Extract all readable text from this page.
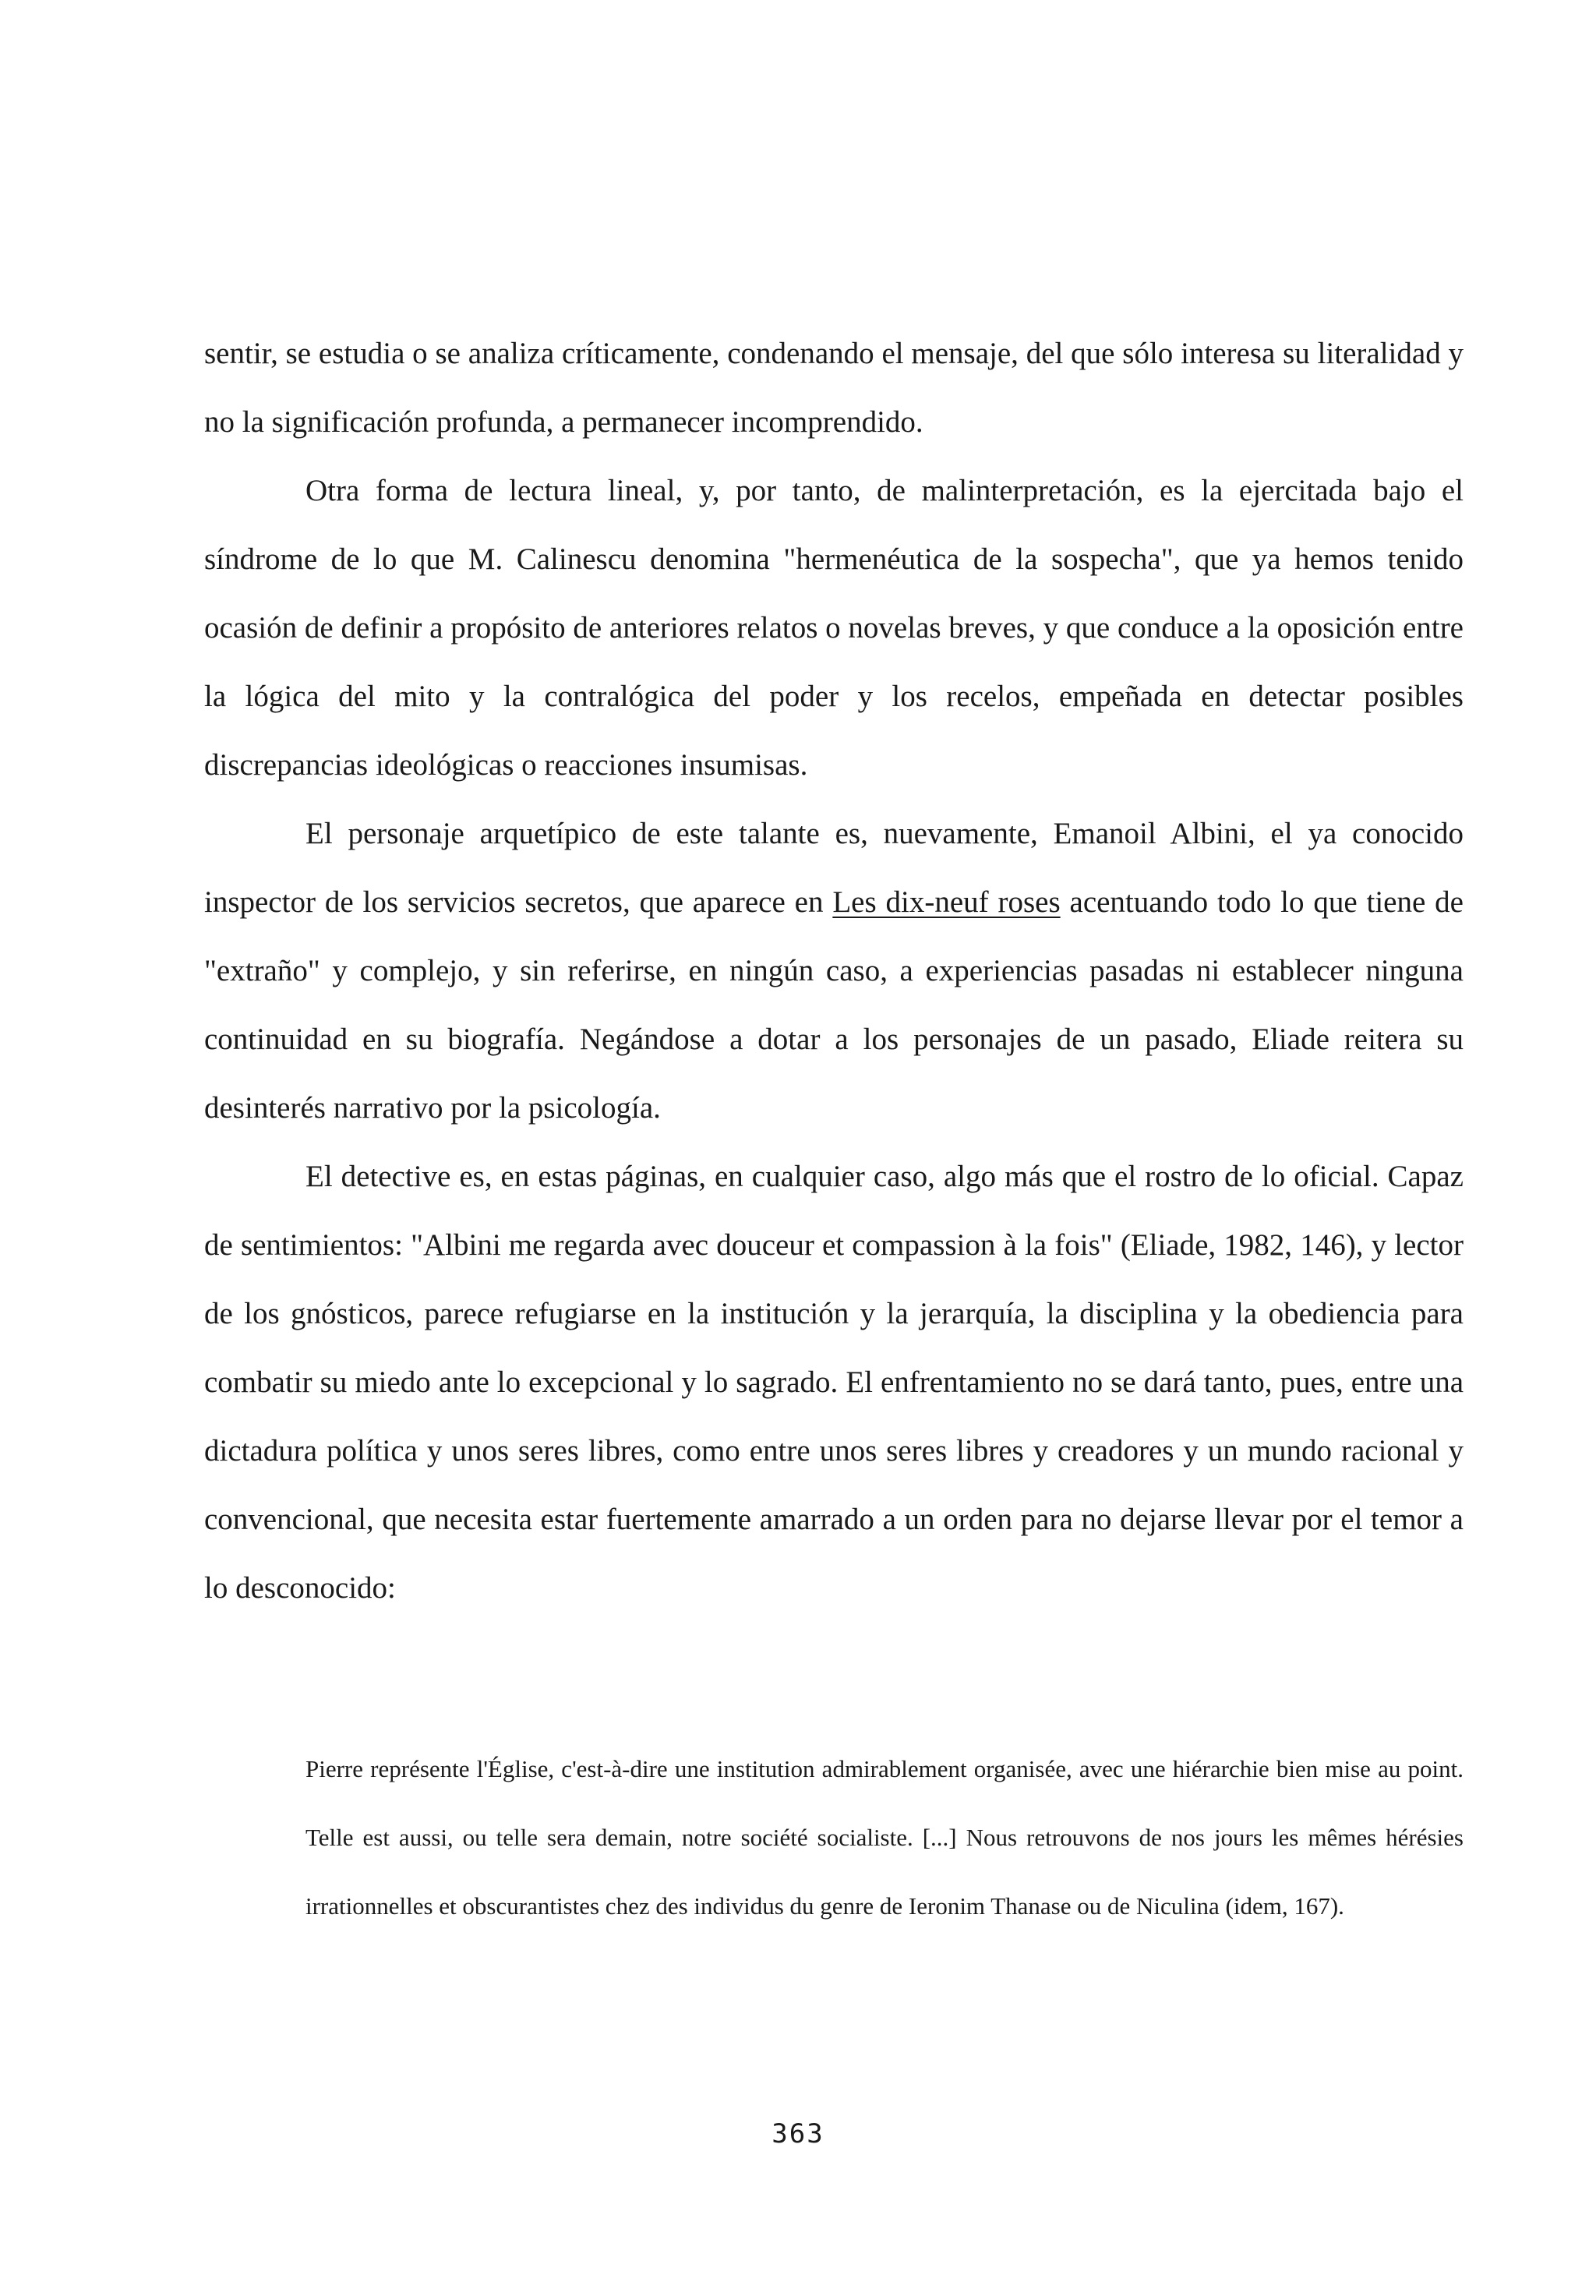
sentir, se estudia o se analiza críticamente, condenando el mensaje, del que sólo interesa su literalidad y no la significación profunda, a permanecer incomprendido.

Otra forma de lectura lineal, y, por tanto, de malinterpretación, es la ejercitada bajo el síndrome de lo que M. Calinescu denomina "hermenéutica de la sospecha", que ya hemos tenido ocasión de definir a propósito de anteriores relatos o novelas breves, y que conduce a la oposición entre la lógica del mito y la contralógica del poder y los recelos, empeñada en detectar posibles discrepancias ideológicas o reacciones insumisas.

El personaje arquetípico de este talante es, nuevamente, Emanoil Albini, el ya conocido inspector de los servicios secretos, que aparece en Les dix-neuf roses acentuando todo lo que tiene de "extraño" y complejo, y sin referirse, en ningún caso, a experiencias pasadas ni establecer ninguna continuidad en su biografía. Negándose a dotar a los personajes de un pasado, Eliade reitera su desinterés narrativo por la psicología.

El detective es, en estas páginas, en cualquier caso, algo más que el rostro de lo oficial. Capaz de sentimientos: "Albini me regarda avec douceur et compassion à la fois" (Eliade, 1982, 146), y lector de los gnósticos, parece refugiarse en la institución y la jerarquía, la disciplina y la obediencia para combatir su miedo ante lo excepcional y lo sagrado. El enfrentamiento no se dará tanto, pues, entre una dictadura política y unos seres libres, como entre unos seres libres y creadores y un mundo racional y convencional, que necesita estar fuertemente amarrado a un orden para no dejarse llevar por el temor a lo desconocido:

Pierre représente l'Église, c'est-à-dire une institution admirablement organisée, avec une hiérarchie bien mise au point. Telle est aussi, ou telle sera demain, notre société socialiste. [...] Nous retrouvons de nos jours les mêmes hérésies irrationnelles et obscurantistes chez des individus du genre de Ieronim Thanase ou de Niculina (idem, 167).

363
